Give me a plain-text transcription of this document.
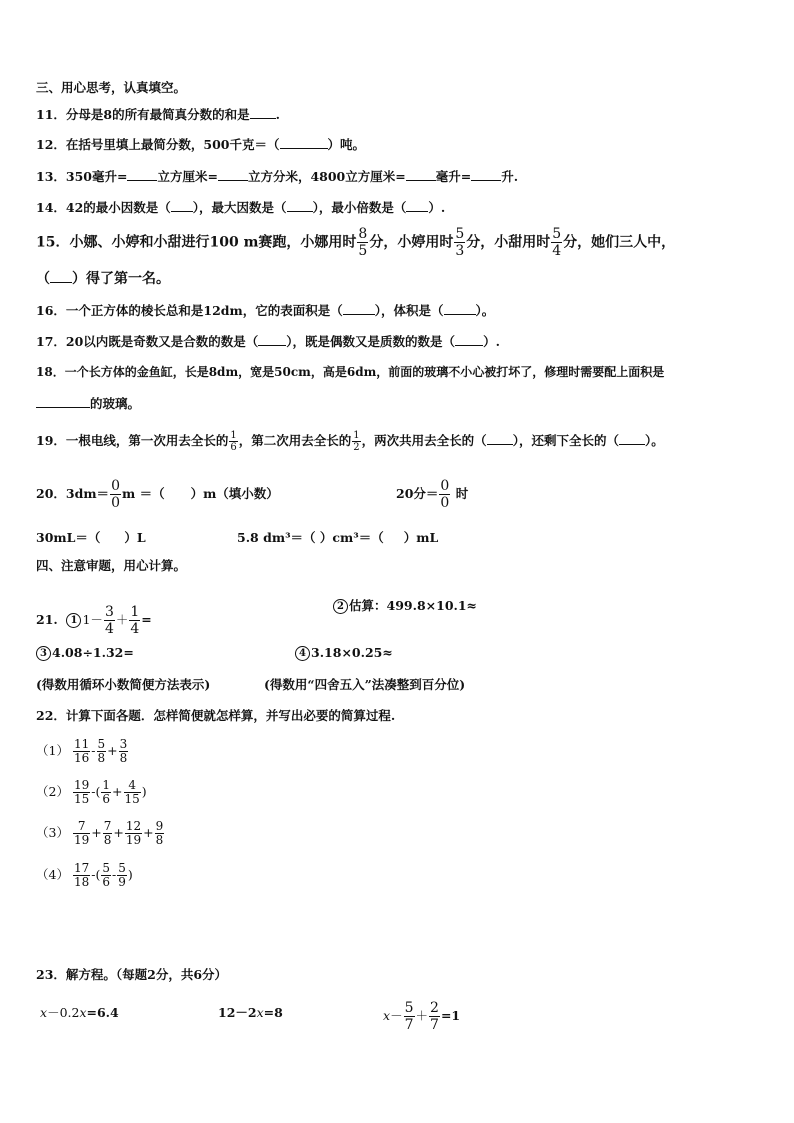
三、用心思考，认真填空。
11．分母是8的所有最简真分数的和是 .
12．在括号里填上最简分数，500千克＝（	）吨。
13．350毫升= 立方厘米= 立方分米，4800立方厘米= 毫升= 升.
14．42的最小因数是（ ），最大因数是（ ），最小倍数是（ ）.
15．小娜、小婷和小甜进行100 m赛跑，小娜用时 $\frac{8}{5}$ 分，小婷用时 $\frac{5}{3}$ 分，小甜用时 $\frac{5}{4}$ 分，她们三人中，
（ ）得了第一名。
16．一个正方体的棱长总和是12dm，它的表面积是（	），体积是（	）。
17．20以内既是奇数又是合数的数是（ ），既是偶数又是质数的数是（ ）.
18．一个长方体的金鱼缸，长是8dm，宽是50cm，高是6dm，前面的玻璃不小心被打坏了，修理时需要配上面积是
的玻璃。
19．一根电线，第一次用去全长的 $\frac{1}{6}$ ，第二次用去全长的 $\frac{1}{2}$ ，两次共用去全长的（ ），还剩下全长的（ ）。
20．$3dm= \frac{0}{0}$ m ＝（ ）m（填小数）	20分＝ $\frac{0}{0}$ 时
30mL＝（ ）L	5.8 dm³＝（ ）cm³＝（ ）mL
四、注意审题，用心计算。
21. 1 $1- \frac{3}{4} + \frac{1}{4}$ =
2 估算：499.8×10.1≈
3 4.08÷1.32=	4 3.18×0.25≈
(得数用循环小数简便方法表示)	(得数用“四舍五入”法凑整到百分位)
22．计算下面各题．怎样简便就怎样算，并写出必要的简算过程.
$(1) \frac{11}{16} - \frac{5}{8} + \frac{3}{8}$
$(2) \frac{19}{15}$ -( $\frac{1}{6} + \frac{4}{15}$ )
$(3) \frac{7}{19} + \frac{7}{8} + \frac{12}{19} + \frac{9}{8}$
$(4) \frac{17}{18}$ -( $\frac{5}{6} - \frac{5}{9}$ )
23．解方程。（每题2分，共6分）
x－0.2x=6.4	12－2x=8	$x- \frac{5}{7} + \frac{2}{7} =1$
